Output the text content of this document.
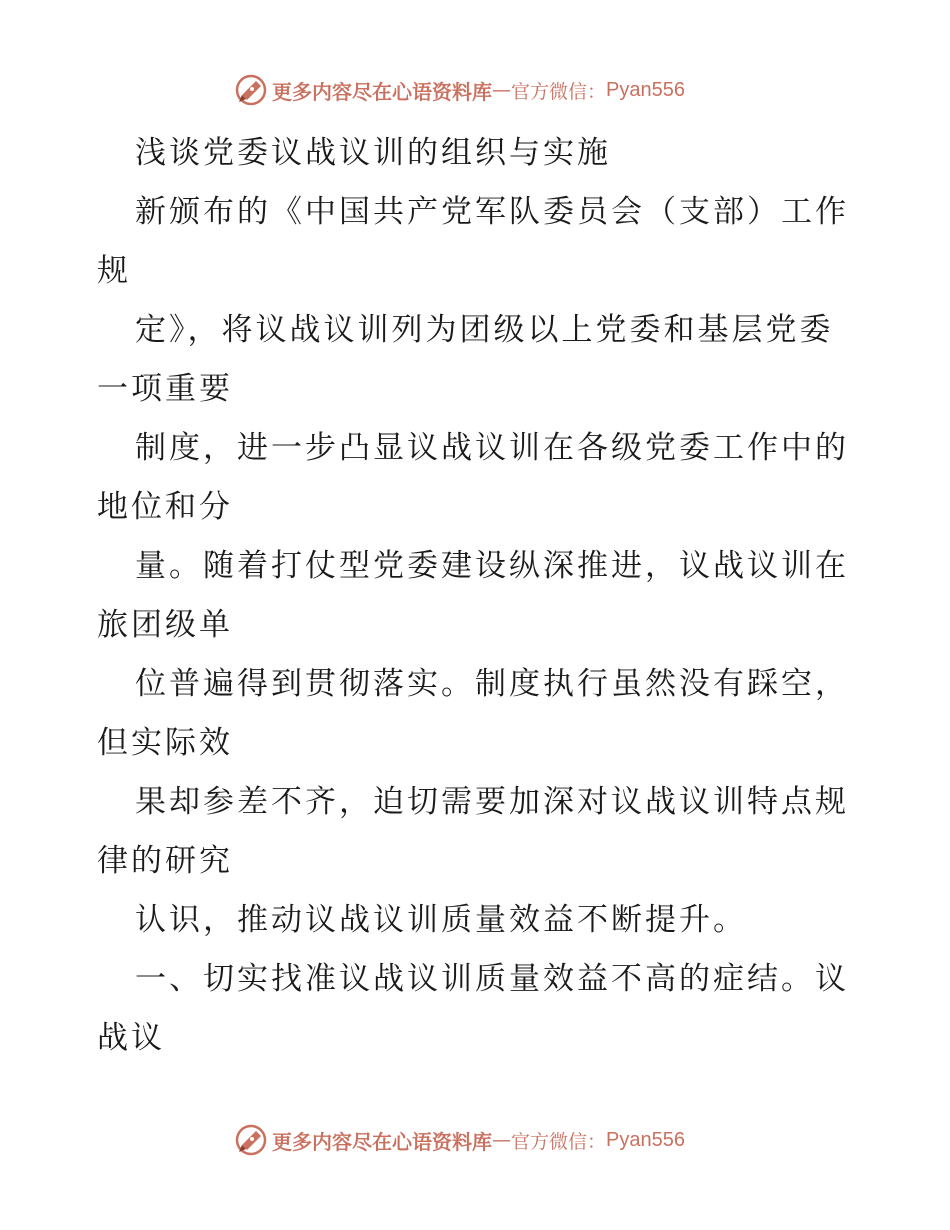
更多内容尽在心语资料库 — 官方微信： Pyan556
浅谈党委议战议训的组织与实施
新颁布的《中国共产党军队委员会（支部）工作
规
定》，将议战议训列为团级以上党委和基层党委
一项重要
制度，进一步凸显议战议训在各级党委工作中的
地位和分
量。随着打仗型党委建设纵深推进，议战议训在
旅团级单
位普遍得到贯彻落实。制度执行虽然没有踩空，
但实际效
果却参差不齐，迫切需要加深对议战议训特点规
律的研究
认识，推动议战议训质量效益不断提升。
一、切实找准议战议训质量效益不高的症结。议
战议
更多内容尽在心语资料库 — 官方微信： Pyan556
